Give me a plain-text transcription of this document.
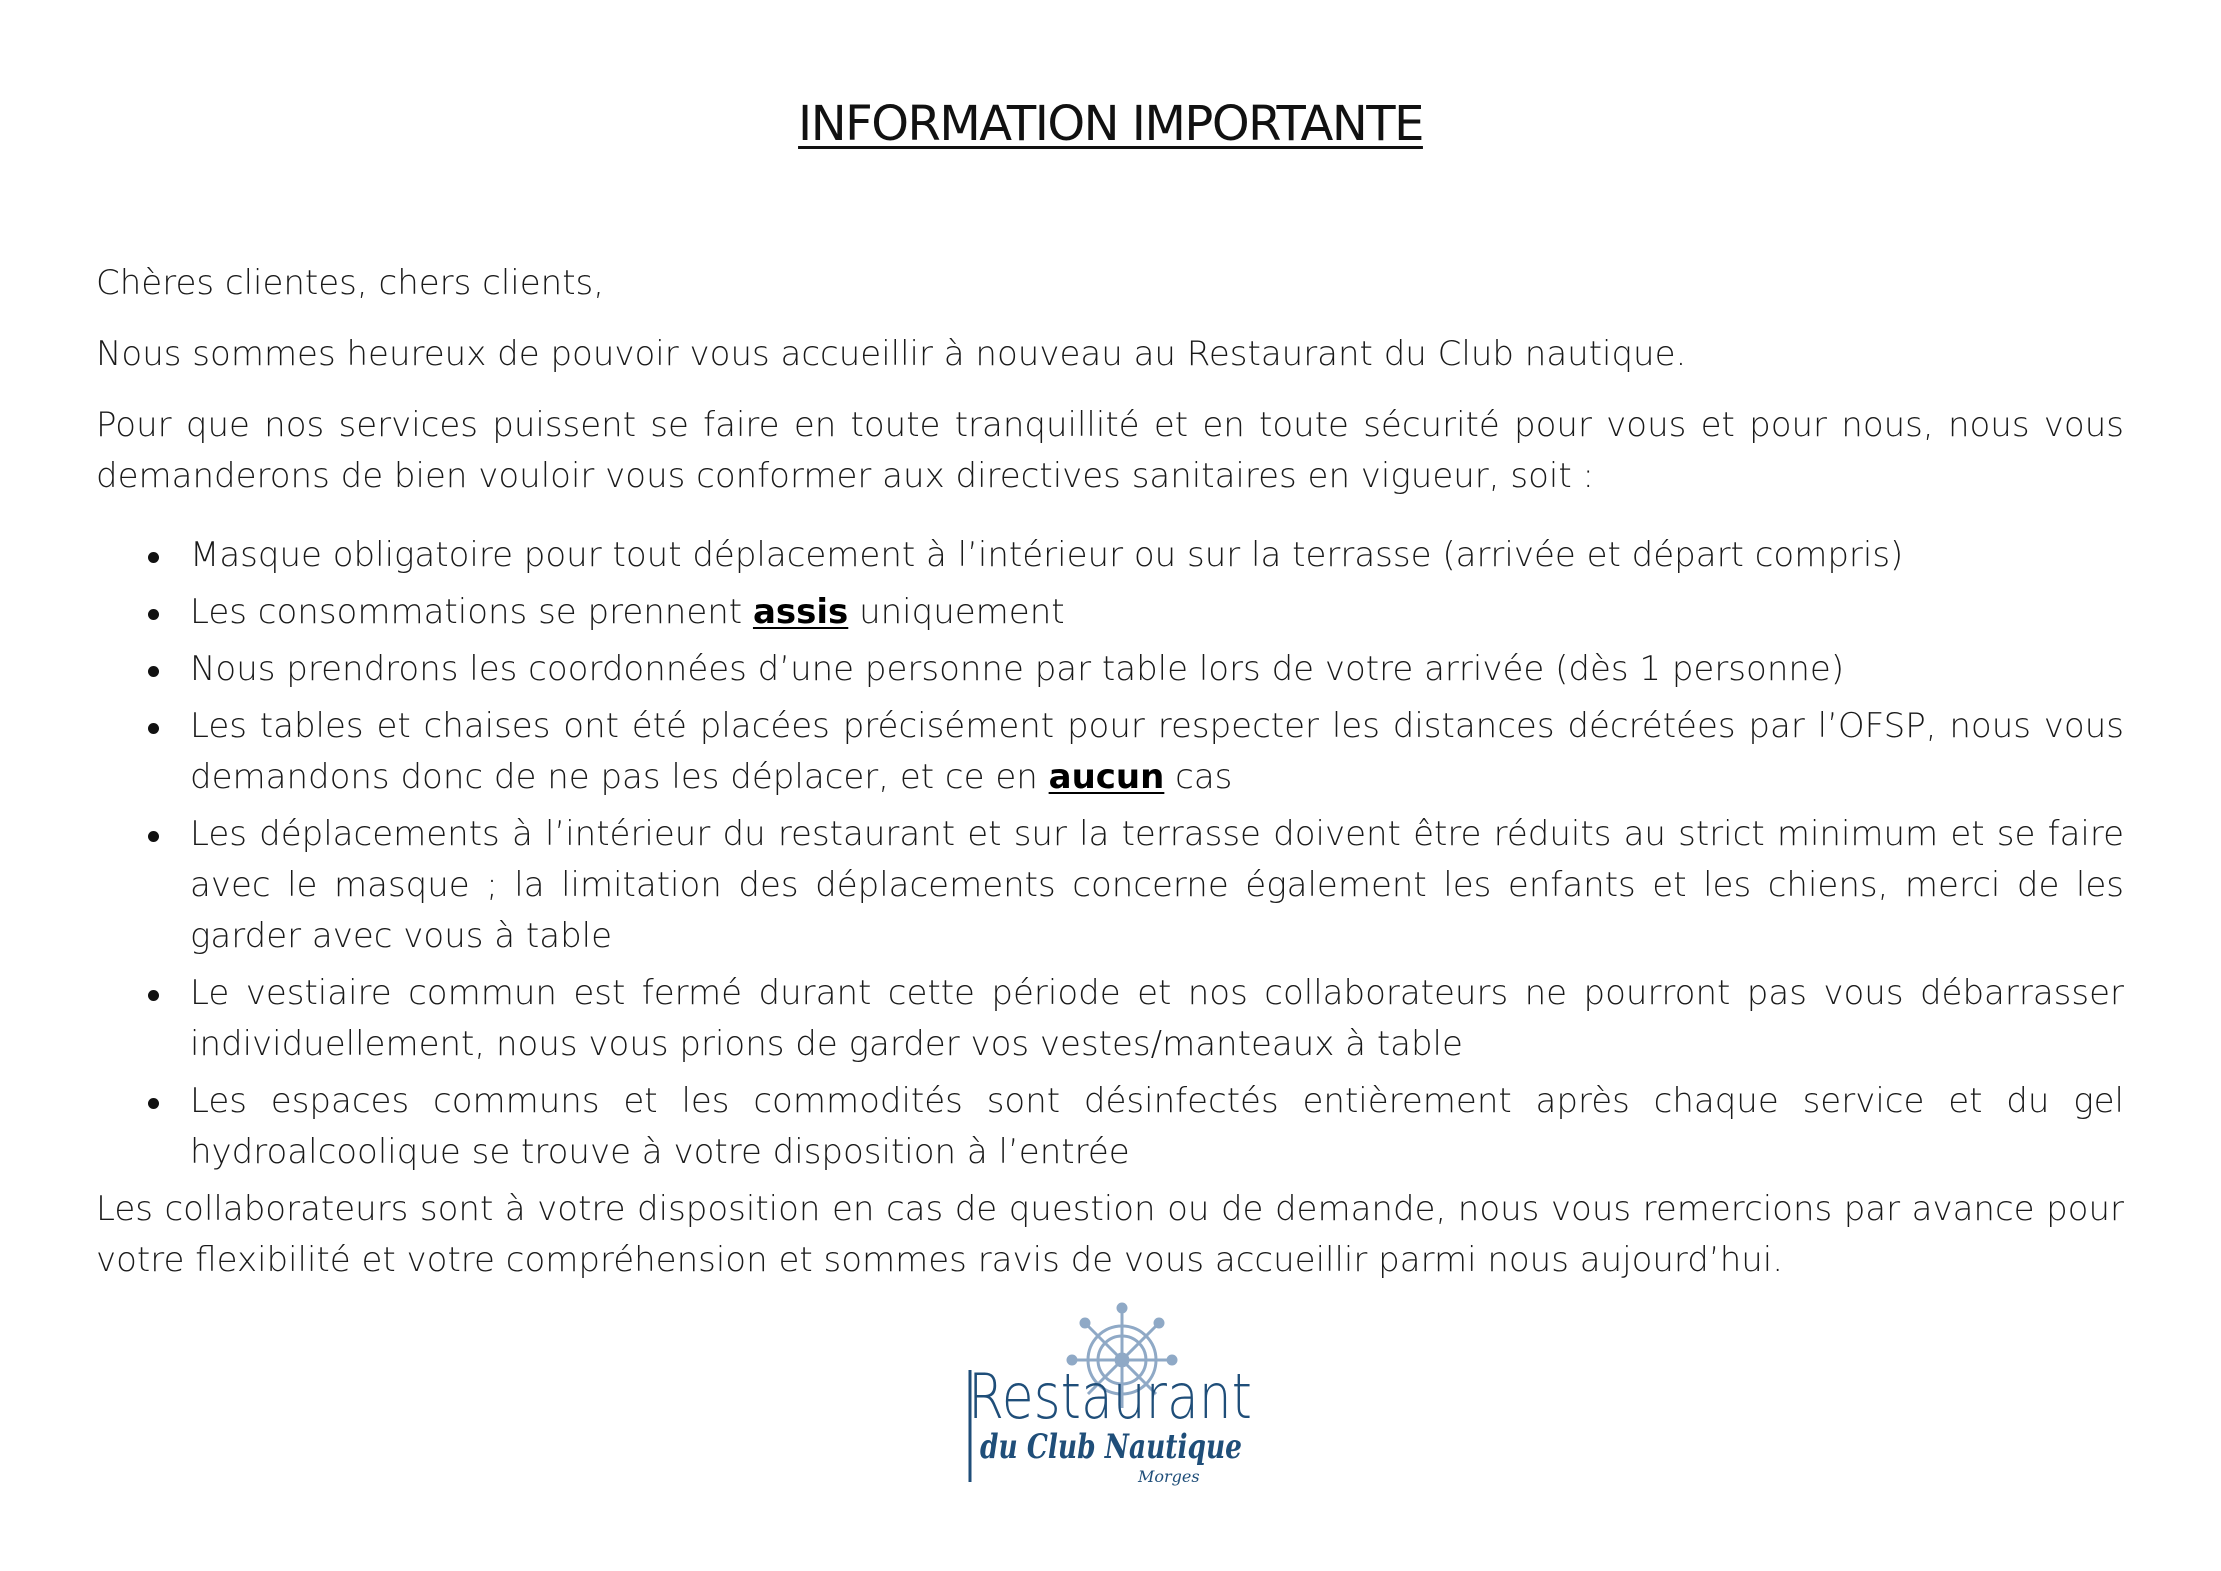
INFORMATION IMPORTANTE

Chères clientes, chers clients,

Nous sommes heureux de pouvoir vous accueillir à nouveau au Restaurant du Club nautique.

Pour que nos services puissent se faire en toute tranquillité et en toute sécurité pour vous et pour nous, nous vous demanderons de bien vouloir vous conformer aux directives sanitaires en vigueur, soit :

Masque obligatoire pour tout déplacement à l’intérieur ou sur la terrasse (arrivée et départ compris)
Les consommations se prennent assis uniquement
Nous prendrons les coordonnées d’une personne par table lors de votre arrivée (dès 1 personne)
Les tables et chaises ont été placées précisément pour respecter les distances décrétées par l’OFSP, nous vous demandons donc de ne pas les déplacer, et ce en aucun cas
Les déplacements à l’intérieur du restaurant et sur la terrasse doivent être réduits au strict minimum et se faire avec le masque ; la limitation des déplacements concerne également les enfants et les chiens, merci de les garder avec vous à table
Le vestiaire commun est fermé durant cette période et nos collaborateurs ne pourront pas vous débarrasser individuellement, nous vous prions de garder vos vestes/manteaux à table
Les espaces communs et les commodités sont désinfectés entièrement après chaque service et du gel hydroalcoolique se trouve à votre disposition à l’entrée

Les collaborateurs sont à votre disposition en cas de question ou de demande, nous vous remercions par avance pour votre flexibilité et votre compréhension et sommes ravis de vous accueillir parmi nous aujourd’hui.

Restaurant
du Club Nautique
Morges
